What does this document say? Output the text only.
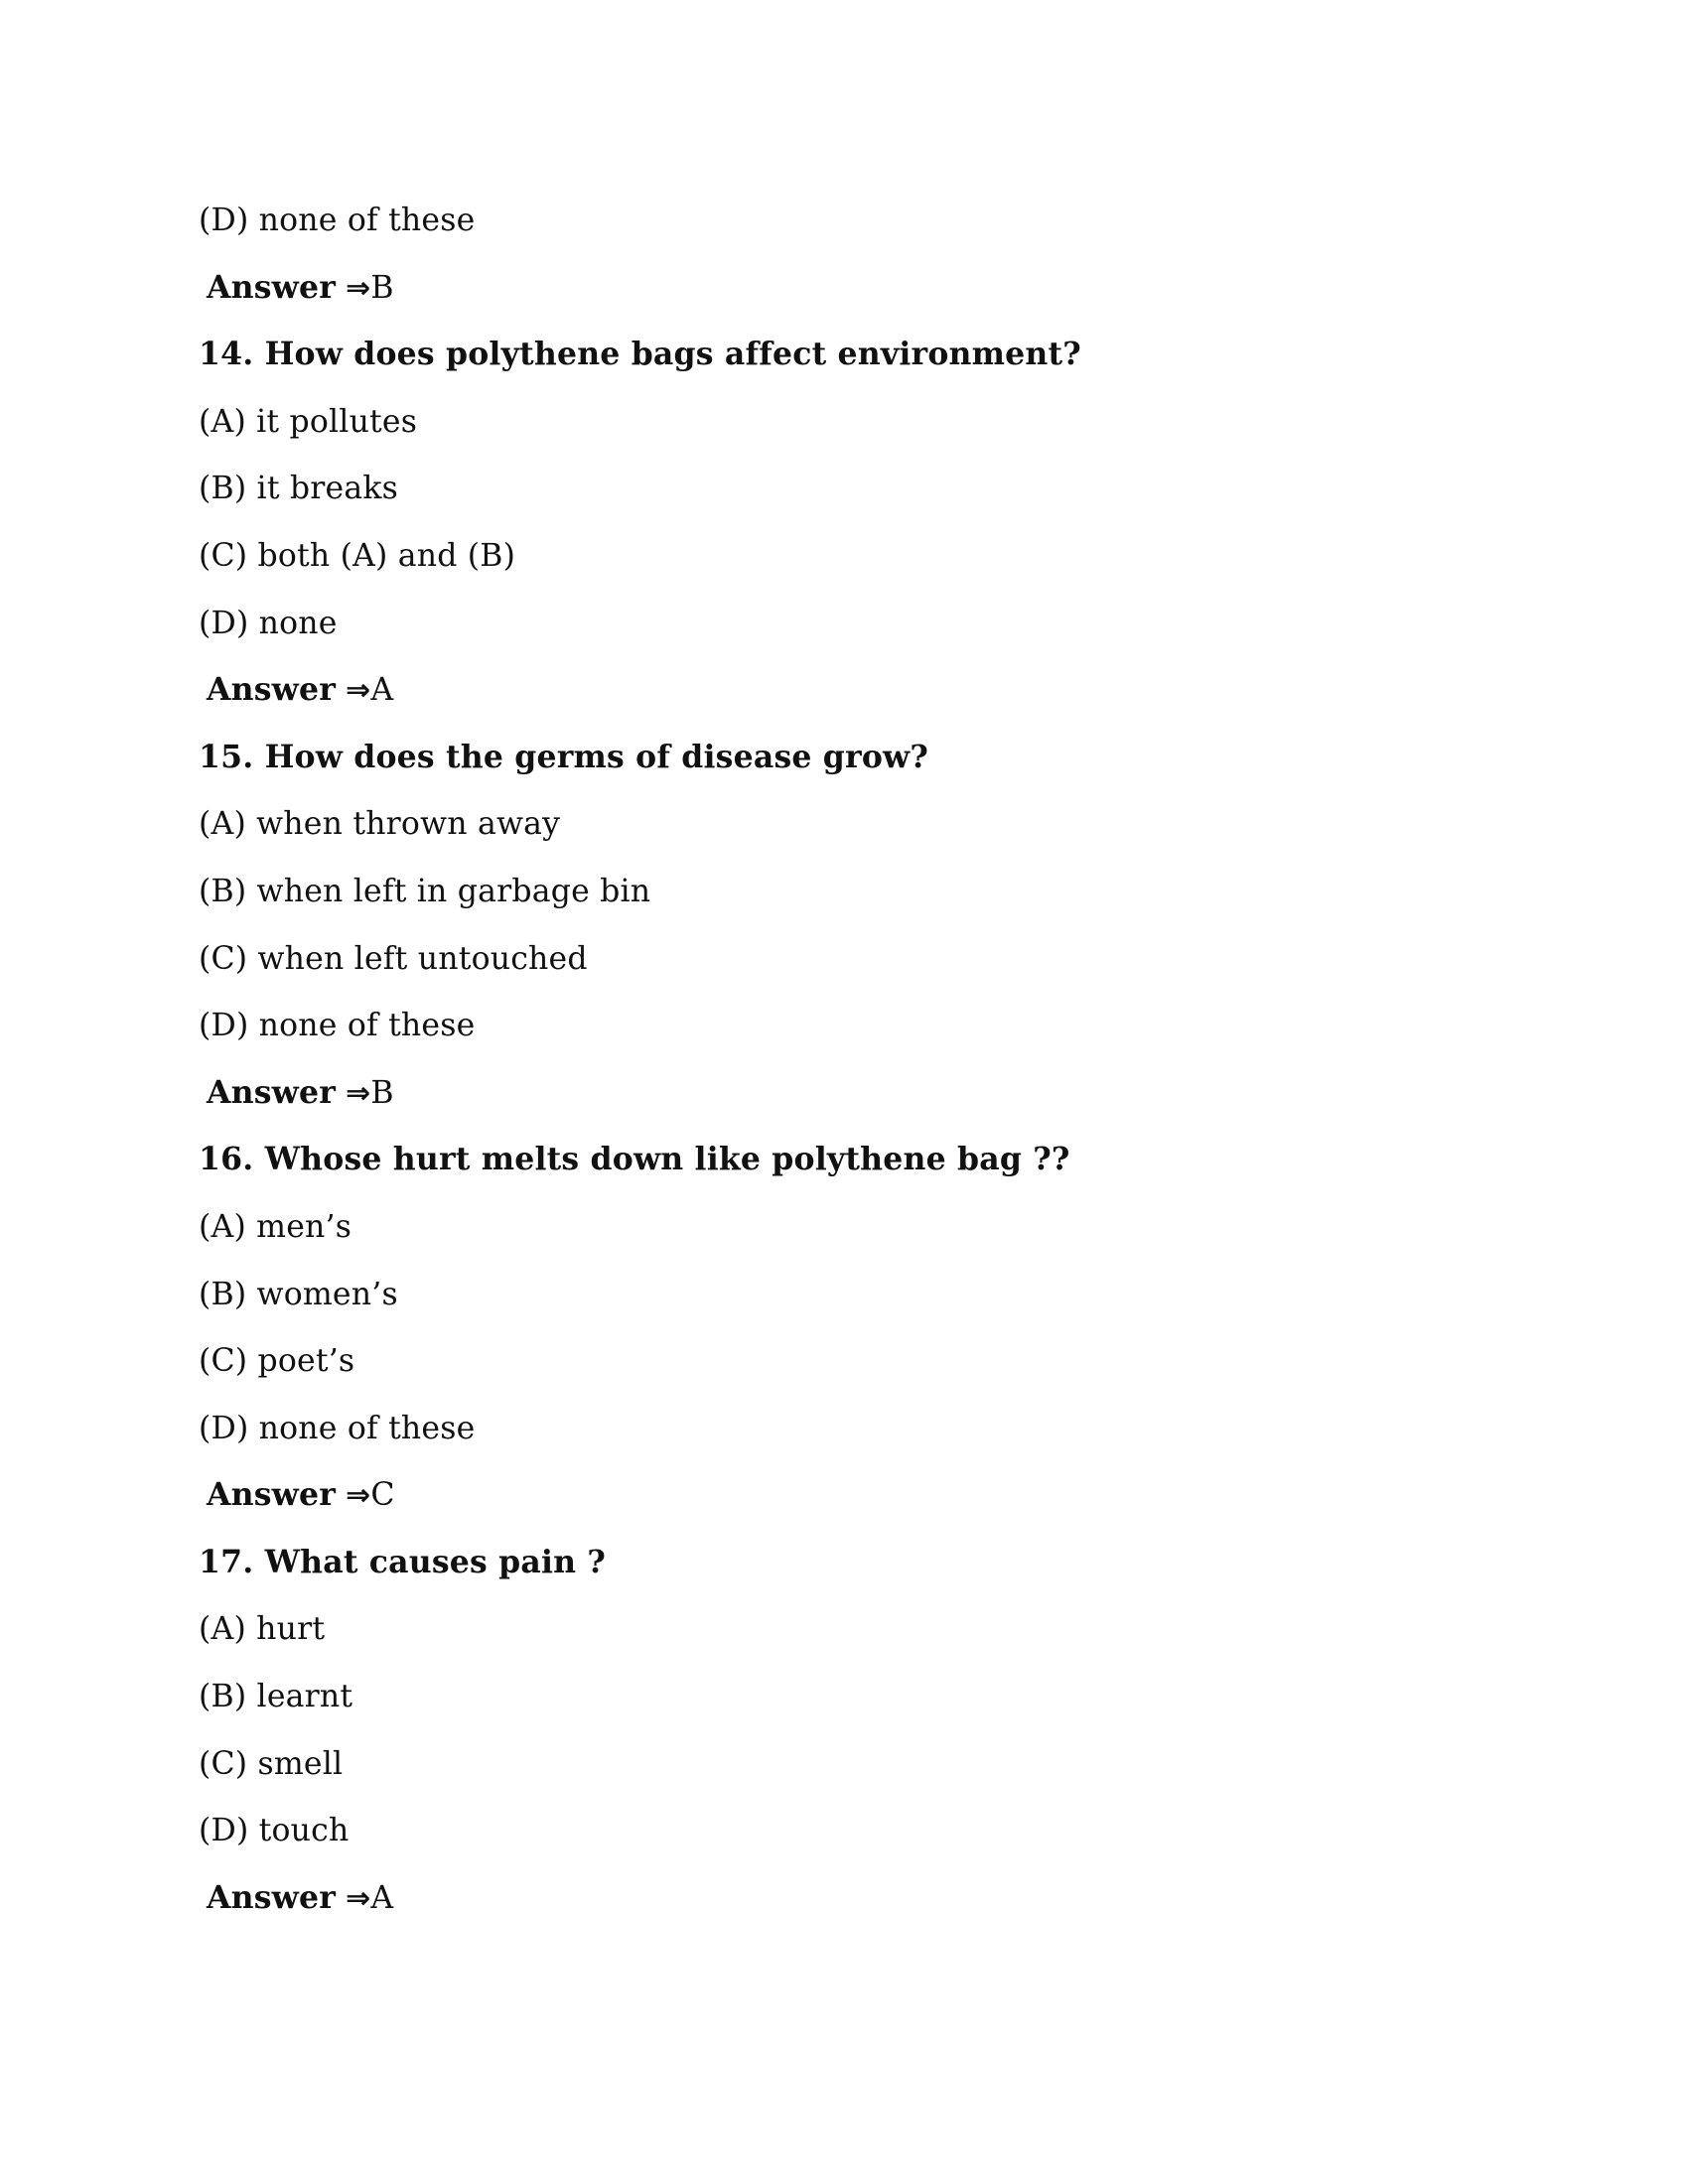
(D) none of these
Answer ⇒B
14. How does polythene bags affect environment?
(A) it pollutes
(B) it breaks
(C) both (A) and (B)
(D) none
Answer ⇒A
15. How does the germs of disease grow?
(A) when thrown away
(B) when left in garbage bin
(C) when left untouched
(D) none of these
Answer ⇒B
16. Whose hurt melts down like polythene bag ??
(A) men’s
(B) women’s
(C) poet’s
(D) none of these
Answer ⇒C
17. What causes pain ?
(A) hurt
(B) learnt
(C) smell
(D) touch
Answer ⇒A
